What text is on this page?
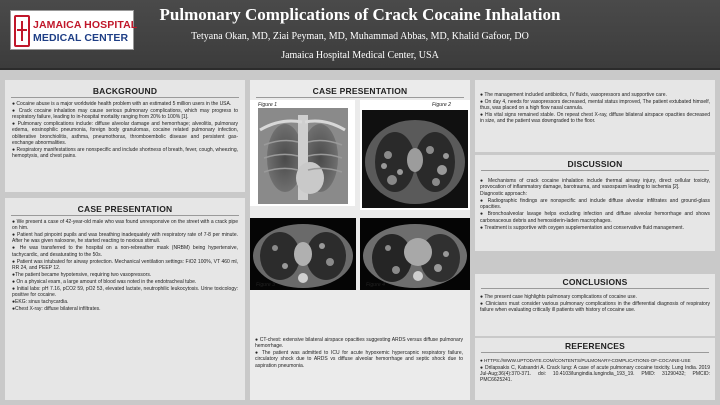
JAMAICA HOSPITAL
MEDICAL CENTER
Pulmonary Complications of Crack Cocaine Inhalation
Tetyana Okan, MD, Ziai Peyman, MD, Muhammad Abbas, MD, Khalid Gafoor, DO
Jamaica Hospital Medical Center, USA
BACKGROUND

● Cocaine abuse is a major worldwide health problem with an estimated 5 million users in the USA.

● Crack cocaine inhalation may cause serious pulmonary complications, which may progress to respiratory failure, leading to in-hospital mortality ranging from 20% to 100% [1].

● Pulmonary complications include: diffuse alveolar damage and hemorrhage; alveolitis, pulmonary edema, eosinophilic pneumonia, foreign body granulomas, cocaine related pulmonary infection, obliterative bronchiolitis, asthma, pneumothorax, thromboembolic disease and persistent gas-exchange abnormalities.

● Respiratory manifestations are nonspecific and include shortness of breath, fever, cough, wheezing, hemoptysis, and chest pains.

CASE PRESENTATION

● We present a case of 42-year-old male who was found unresponsive on the street with a crack pipe on him.

● Patient had pinpoint pupils and was breathing inadequately with respiratory rate of 7-8 per minute. After he was given naloxone, he started reacting to noxious stimuli.

● He was transferred to the hospital on a non-rebreather mask (NRBM) being hypertensive, tachycardic, and desaturating to the 50s.

● Patient was intubated for airway protection. Mechanical ventilation settings: FiO2 100%, VT 460 ml, RR 24, and PEEP 12.

●The patient became hypotensive, requiring two vasopressors.

● On a physical exam, a large amount of blood was noted in the endotracheal tube.

● Initial labs: pH 7.16, pCO2 59, pO2 53, elevated lactate, neutrophilic leukocytosis. Urine toxicology: positive for cocaine.

●EKG: sinus tachycardia.

●Chest X-ray: diffuse bilateral infiltrates.

CASE PRESENTATION
Figure 1	Figure 2
Figure 3	Figure 4

● CT-chest: extensive bilateral airspace opacities suggesting ARDS versus diffuse pulmonary hemorrhage.

● The patient was admitted to ICU for acute hypoxemic hypercapnic respiratory failure, circulatory shock due to ARDS vs diffuse alveolar hemorrhage and septic shock due to aspiration pneumonia.

● The management included antibiotics, IV fluids, vasopressors and supportive care.

● On day 4, needs for vasopressors decreased, mental status improved, The patient extubated himself, thus, was placed on a high flow nasal cannula.

● His vital signs remained stable. On repeat chest X-ray, diffuse bilateral airspace opacities decreased in size, and the patient was downgraded to the floor.

DISCUSSION

● Mechanisms of crack cocaine inhalation include thermal airway injury, direct cellular toxicity, provocation of inflammatory damage, barotrauma, and vasospasm leading to ischemia [2].

Diagnostic approach:

● Radiographic findings are nonspecific and include diffuse alveolar infiltrates and ground-glass opacities.

● Bronchoalveolar lavage helps excluding infection and diffuse alveolar hemorrhage and shows carbonaceous debris and hemosiderin-laden macrophages.

● Treatment is supportive with oxygen supplementation and conservative fluid management.

CONCLUSIONS

● The present case highlights pulmonary complications of cocaine use.

● Clinicians must consider various pulmonary complications in the differential diagnosis of respiratory failure when evaluating critically ill patients with history of cocaine use.

REFERENCES

● HTTPS://WWW.UPTODATE.COM/CONTENTS/PULMONARY-COMPLICATIONS-OF-COCAINE-USE

● Drilapsakis C, Katsandri A. Crack lung: A case of acute pulmonary cocaine toxicity. Lung India. 2019 Jul-Aug;36(4):370-371. doi: 10.4103/lungindia.lungindia_193_19. PMID: 31290432; PMCID: PMC6625241.
